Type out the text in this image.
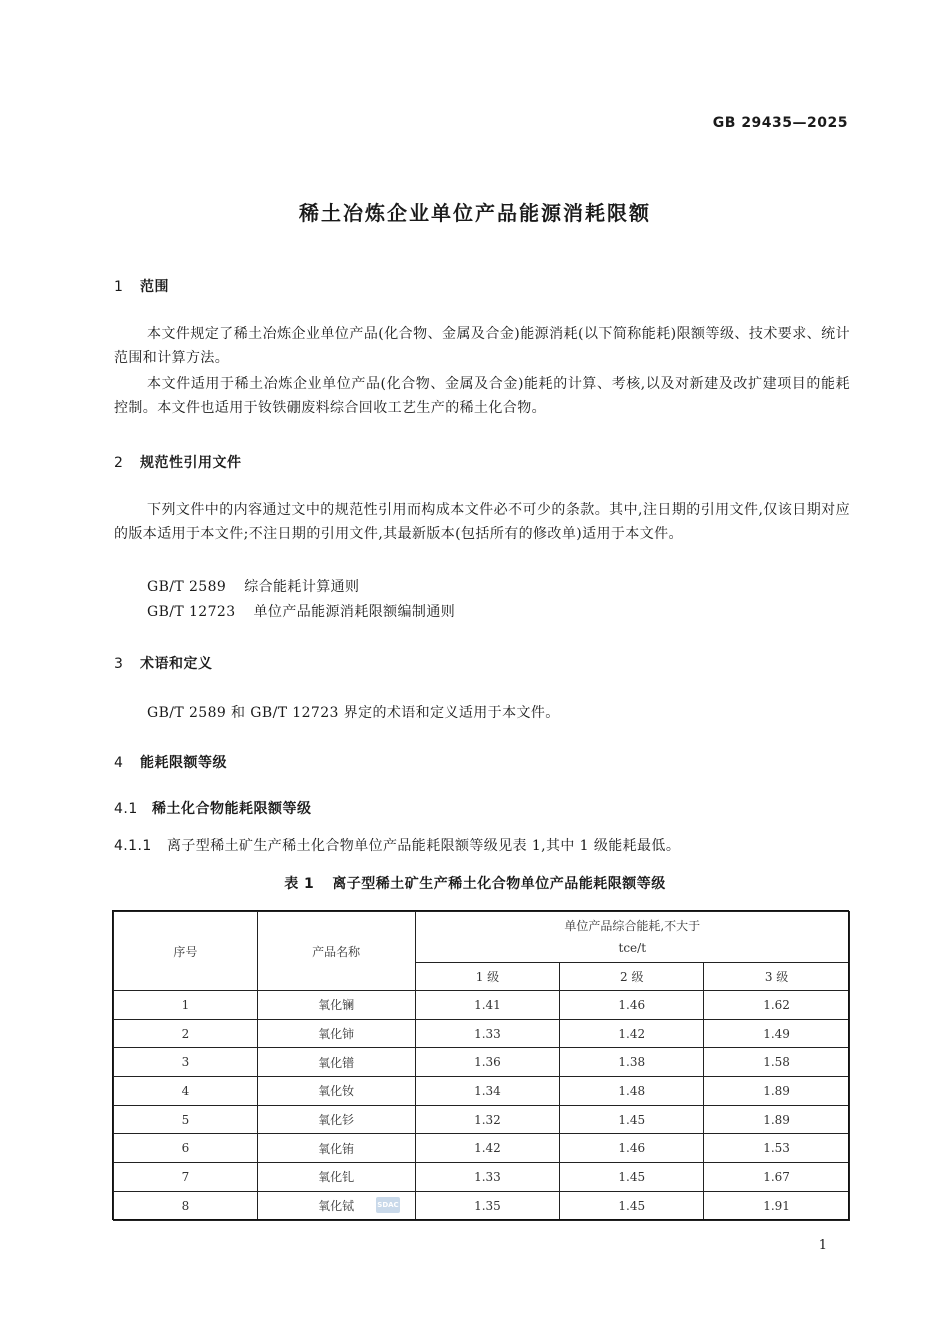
GB 29435—2025
稀土冶炼企业单位产品能源消耗限额
1 范围
本文件规定了稀土冶炼企业单位产品(化合物、金属及合金)能源消耗(以下简称能耗)限额等级、技术要求、统计范围和计算方法。
本文件适用于稀土冶炼企业单位产品(化合物、金属及合金)能耗的计算、考核,以及对新建及改扩建项目的能耗控制。本文件也适用于钕铁硼废料综合回收工艺生产的稀土化合物。
2 规范性引用文件
下列文件中的内容通过文中的规范性引用而构成本文件必不可少的条款。其中,注日期的引用文件,仅该日期对应的版本适用于本文件;不注日期的引用文件,其最新版本(包括所有的修改单)适用于本文件。
GB/T 2589 综合能耗计算通则
GB/T 12723 单位产品能源消耗限额编制通则
3 术语和定义
GB/T 2589 和 GB/T 12723 界定的术语和定义适用于本文件。
4 能耗限额等级
4.1 稀土化合物能耗限额等级
4.1.1 离子型稀土矿生产稀土化合物单位产品能耗限额等级见表 1,其中 1 级能耗最低。
表 1 离子型稀土矿生产稀土化合物单位产品能耗限额等级
序号	产品名称	单位产品综合能耗,不大于
tce/t		

		1 级	2 级	3 级
1	氧化镧	1.41	1.46	1.62
2	氧化铈	1.33	1.42	1.49
3	氧化镨	1.36	1.38	1.58
4	氧化钕	1.34	1.48	1.89
5	氧化钐	1.32	1.45	1.89
6	氧化铕	1.42	1.46	1.53
7	氧化钆	1.33	1.45	1.67
8	氧化铽	1.35	1.45	1.91
SDAC
1
